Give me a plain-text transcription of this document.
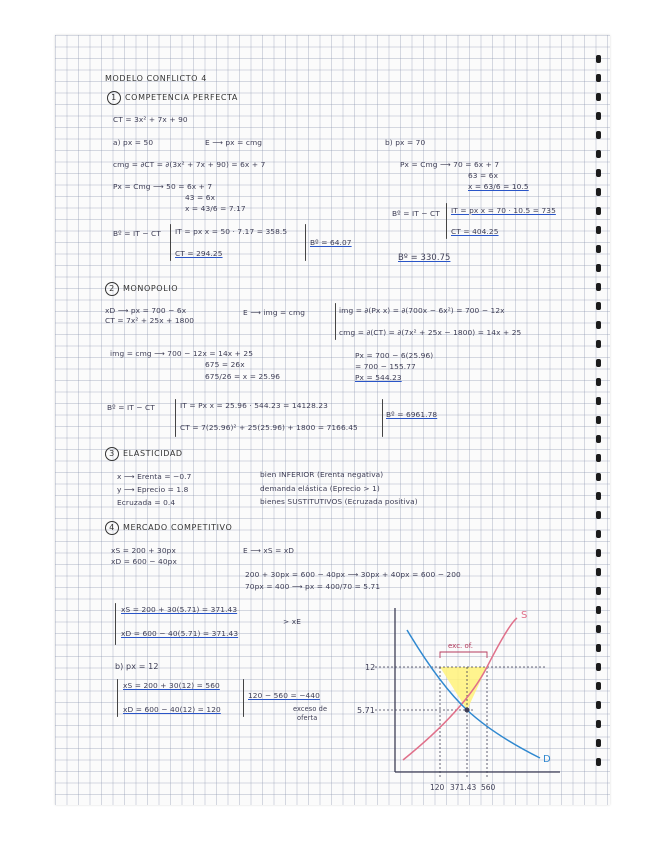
MODELO CONFLICTO 4
1 COMPETENCIA PERFECTA
CT = 3x² + 7x + 90
a) px = 50	E ⟶ px = cmg
cmg = ∂CT = ∂(3x² + 7x + 90) = 6x + 7
Px = Cmg ⟶ 50 = 6x + 7
43 = 6x
x = 43/6 = 7.17
Bº = IT − CT IT = px x = 50 · 7.17 = 358.5
CT = 294.25
Bº = 64.07
b) px = 70
Px = Cmg ⟶ 70 = 6x + 7
63 = 6x
x = 63/6 = 10.5
Bº = IT − CT IT = px x = 70 · 10.5 = 735
CT = 404.25
Bº = 330.75
2 MONOPOLIO
xD ⟶ px = 700 − 6x
CT = 7x² + 25x + 1800
E ⟶ img = cmg	img = ∂(Px x) = ∂(700x − 6x²) = 700 − 12x
cmg = ∂(CT) = ∂(7x² + 25x − 1800) = 14x + 25
img = cmg ⟶ 700 − 12x = 14x + 25
675 = 26x
675/26 = x = 25.96
Px = 700 − 6(25.96)
= 700 − 155.77
Px = 544.23
Bº = IT − CT	IT = Px x = 25.96 · 544.23 = 14128.23
CT = 7(25.96)² + 25(25.96) + 1800 = 7166.45
Bº = 6961.78
3 ELASTICIDAD
x ⟶ Erenta = −0.7	bien INFERIOR (Erenta negativa)
y ⟶ Eprecio = 1.8	demanda elástica (Eprecio > 1)
Ecruzada = 0.4	bienes SUSTITUTIVOS (Ecruzada positiva)
4 MERCADO COMPETITIVO
xS = 200 + 30px
xD = 600 − 40px
E ⟶ xS = xD
200 + 30px = 600 − 40px ⟶ 30px + 40px = 600 − 200
70px = 400 ⟶ px = 400/70 = 5.71
xS = 200 + 30(5.71) = 371.43
xD = 600 − 40(5.71) = 371.43
> xE
b) px = 12
xS = 200 + 30(12) = 560
xD = 600 − 40(12) = 120
120 − 560 = −440
exceso de
oferta
exc. of.
S
D
12
5.71
120 371.43 560
